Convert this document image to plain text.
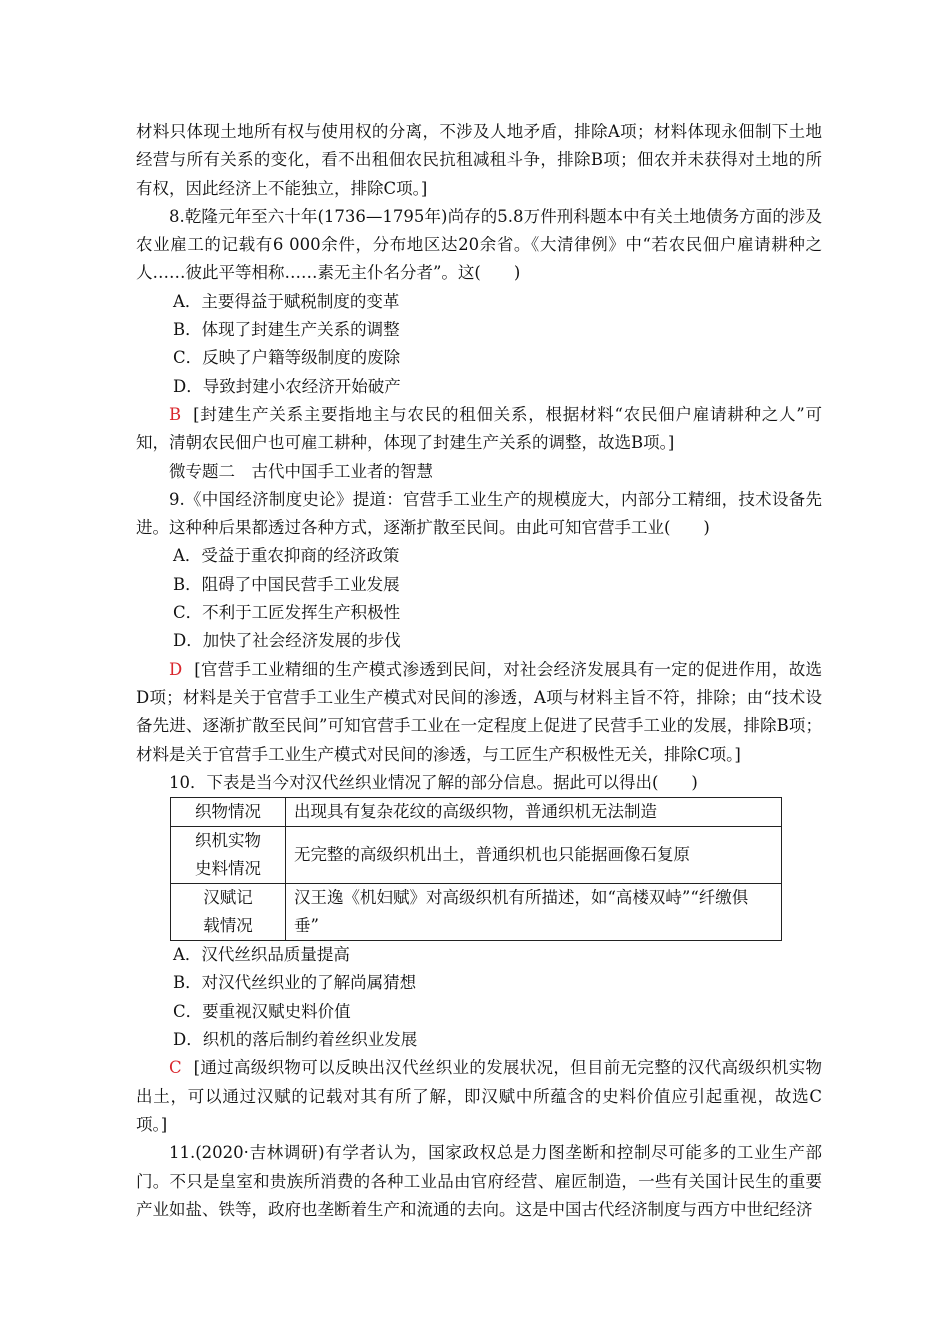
材料只体现土地所有权与使用权的分离，不涉及人地矛盾，排除A项；材料体现永佃制下土地经营与所有关系的变化，看不出租佃农民抗租减租斗争，排除B项；佃农并未获得对土地的所有权，因此经济上不能独立，排除C项。]

8.乾隆元年至六十年(1736—1795年)尚存的5.8万件刑科题本中有关土地债务方面的涉及农业雇工的记载有6 000余件，分布地区达20余省。《大清律例》中“若农民佃户雇请耕种之人……彼此平等相称……素无主仆名分者”。这(　　)

A．主要得益于赋税制度的变革

B．体现了封建生产关系的调整

C．反映了户籍等级制度的废除

D．导致封建小农经济开始破产

B [封建生产关系主要指地主与农民的租佃关系，根据材料“农民佃户雇请耕种之人”可知，清朝农民佃户也可雇工耕种，体现了封建生产关系的调整，故选B项。]

微专题二　古代中国手工业者的智慧

9.《中国经济制度史论》提道：官营手工业生产的规模庞大，内部分工精细，技术设备先进。这种种后果都透过各种方式，逐渐扩散至民间。由此可知官营手工业(　　)

A．受益于重农抑商的经济政策

B．阻碍了中国民营手工业发展

C．不利于工匠发挥生产积极性

D．加快了社会经济发展的步伐

D [官营手工业精细的生产模式渗透到民间，对社会经济发展具有一定的促进作用，故选D项；材料是关于官营手工业生产模式对民间的渗透，A项与材料主旨不符，排除；由“技术设备先进、逐渐扩散至民间”可知官营手工业在一定程度上促进了民营手工业的发展，排除B项；材料是关于官营手工业生产模式对民间的渗透，与工匠生产积极性无关，排除C项。]

10．下表是当今对汉代丝织业情况了解的部分信息。据此可以得出(　　)

织物情况	出现具有复杂花纹的高级织物，普通织机无法制造

织机实物史料情况	无完整的高级织机出土，普通织机也只能据画像石复原

汉赋记载情况	汉王逸《机妇赋》对高级织机有所描述，如“高楼双峙”“纤缴俱垂”

A．汉代丝织品质量提高

B．对汉代丝织业的了解尚属猜想

C．要重视汉赋史料价值

D．织机的落后制约着丝织业发展

C [通过高级织物可以反映出汉代丝织业的发展状况，但目前无完整的汉代高级织机实物出土，可以通过汉赋的记载对其有所了解，即汉赋中所蕴含的史料价值应引起重视，故选C项。]

11.(2020·吉林调研)有学者认为，国家政权总是力图垄断和控制尽可能多的工业生产部门。不只是皇室和贵族所消费的各种工业品由官府经营、雇匠制造，一些有关国计民生的重要产业如盐、铁等，政府也垄断着生产和流通的去向。这是中国古代经济制度与西方中世纪经济
